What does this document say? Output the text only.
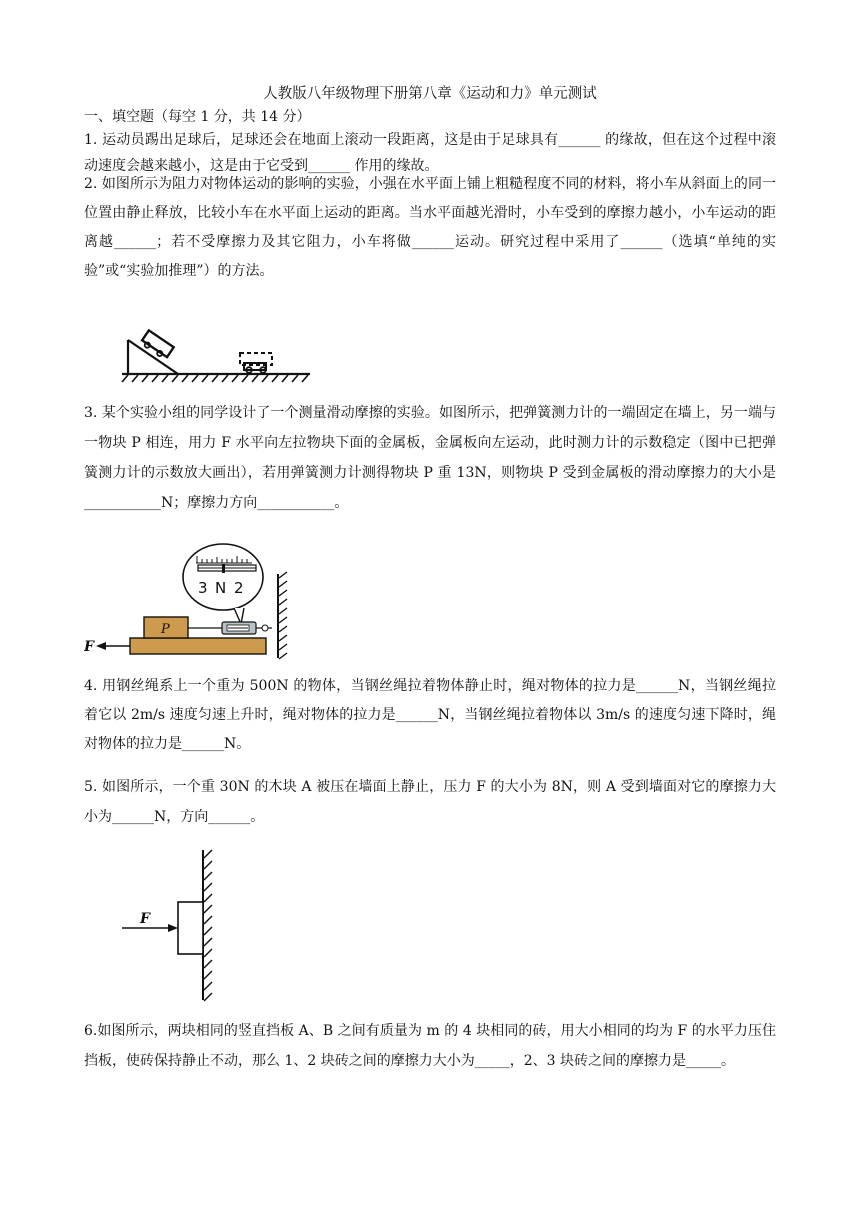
人教版八年级物理下册第八章《运动和力》单元测试
一、填空题（每空 1 分，共 14 分）
1. 运动员踢出足球后，足球还会在地面上滚动一段距离，这是由于足球具有______ 的缘故，但在这个过程中滚动速度会越来越小，这是由于它受到______ 作用的缘故。
2. 如图所示为阻力对物体运动的影响的实验，小强在水平面上铺上粗糙程度不同的材料，将小车从斜面上的同一位置由静止释放，比较小车在水平面上运动的距离。当水平面越光滑时，小车受到的摩擦力越小，小车运动的距离越______；若不受摩擦力及其它阻力，小车将做______运动。研究过程中采用了______（选填“单纯的实验”或“实验加推理”）的方法。
3. 某个实验小组的同学设计了一个测量滑动摩擦的实验。如图所示，把弹簧测力计的一端固定在墙上，另一端与一物块 P 相连，用力 F 水平向左拉物块下面的金属板，金属板向左运动，此时测力计的示数稳定（图中已把弹簧测力计的示数放大画出），若用弹簧测力计测得物块 P 重 13N，则物块 P 受到金属板的滑动摩擦力的大小是___________N；摩擦力方向___________。
3 N 2
P
F
4. 用钢丝绳系上一个重为 500N 的物体，当钢丝绳拉着物体静止时，绳对物体的拉力是______N，当钢丝绳拉着它以 2m/s 速度匀速上升时，绳对物体的拉力是______N，当钢丝绳拉着物体以 3m/s 的速度匀速下降时，绳对物体的拉力是______N。
5. 如图所示，一个重 30N 的木块 A 被压在墙面上静止，压力 F 的大小为 8N，则 A 受到墙面对它的摩擦力大小为______N，方向______。
F
6.如图所示，两块相同的竖直挡板 A、B 之间有质量为 m 的 4 块相同的砖，用大小相同的均为 F 的水平力压住挡板，使砖保持静止不动，那么 1、2 块砖之间的摩擦力大小为_____，2、3 块砖之间的摩擦力是_____。
